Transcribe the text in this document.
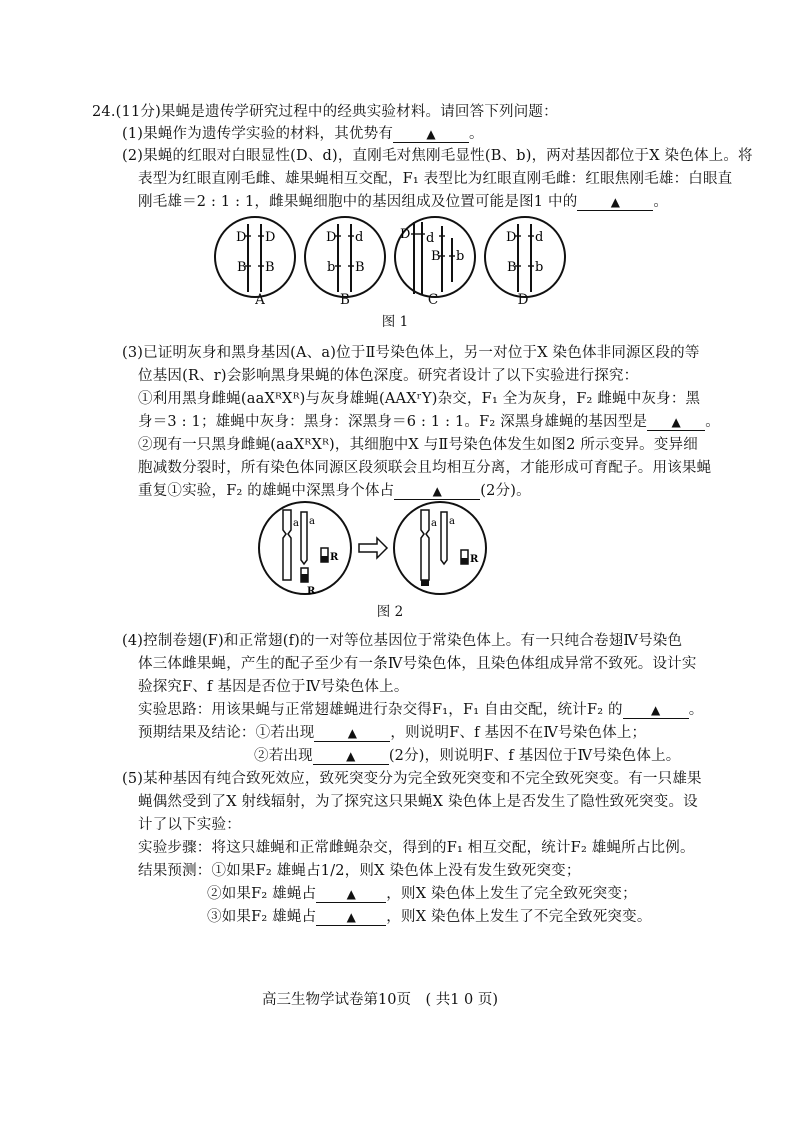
24.(11分)果蝇是遗传学研究过程中的经典实验材料。请回答下列问题：
(1)果蝇作为遗传学实验的材料，其优势有	▲ 。
(2)果蝇的红眼对白眼显性(D、d)，直刚毛对焦刚毛显性(B、b)，两对基因都位于X 染色体上。将
表型为红眼直刚毛雌、雄果蝇相互交配，F₁ 表型比为红眼直刚毛雌：红眼焦刚毛雄：白眼直
刚毛雄＝2 : 1 : 1，雌果蝇细胞中的基因组成及位置可能是图1 中的	▲ 。
D D
B B
D d
b B
D d
B b
D d
B b
A	B	C	D
图 1
(3)已证明灰身和黑身基因(A、a)位于Ⅱ号染色体上，另一对位于X 染色体非同源区段的等
位基因(R、r)会影响黑身果蝇的体色深度。研究者设计了以下实验进行探究：
①利用黑身雌蝇(aaXᴿXᴿ)与灰身雄蝇(AAXʳY)杂交，F₁ 全为灰身，F₂ 雌蝇中灰身：黑
身＝3 : 1；雄蝇中灰身：黑身：深黑身＝6 : 1 : 1。F₂ 深黑身雄蝇的基因型是 ▲ 。
②现有一只黑身雌蝇(aaXᴿXᴿ)，其细胞中X 与Ⅱ号染色体发生如图2 所示变异。变异细
胞减数分裂时，所有染色体同源区段须联会且均相互分离，才能形成可育配子。用该果蝇
重复①实验，F₂ 的雄蝇中深黑身个体占	▲	(2分)。
a a
R
R
a a
R
图 2
(4)控制卷翅(F)和正常翅(f)的一对等位基因位于常染色体上。有一只纯合卷翅Ⅳ号染色
体三体雌果蝇，产生的配子至少有一条Ⅳ号染色体，且染色体组成异常不致死。设计实
验探究F、f 基因是否位于Ⅳ号染色体上。
实验思路：用该果蝇与正常翅雄蝇进行杂交得F₁，F₁ 自由交配，统计F₂ 的 ▲ 。
预期结果及结论：①若出现	▲ ，则说明F、f 基因不在Ⅳ号染色体上；
②若出现	▲ (2分)，则说明F、f 基因位于Ⅳ号染色体上。
(5)某种基因有纯合致死效应，致死突变分为完全致死突变和不完全致死突变。有一只雄果
蝇偶然受到了X 射线辐射，为了探究这只果蝇X 染色体上是否发生了隐性致死突变。设
计了以下实验：
实验步骤：将这只雄蝇和正常雌蝇杂交，得到的F₁ 相互交配，统计F₂ 雄蝇所占比例。
结果预测：①如果F₂ 雄蝇占1/2，则X 染色体上没有发生致死突变；
②如果F₂ 雄蝇占	▲ ，则X 染色体上发生了完全致死突变；
③如果F₂ 雄蝇占	▲ ，则X 染色体上发生了不完全致死突变。
高三生物学试卷第10页　( 共1 0 页)
